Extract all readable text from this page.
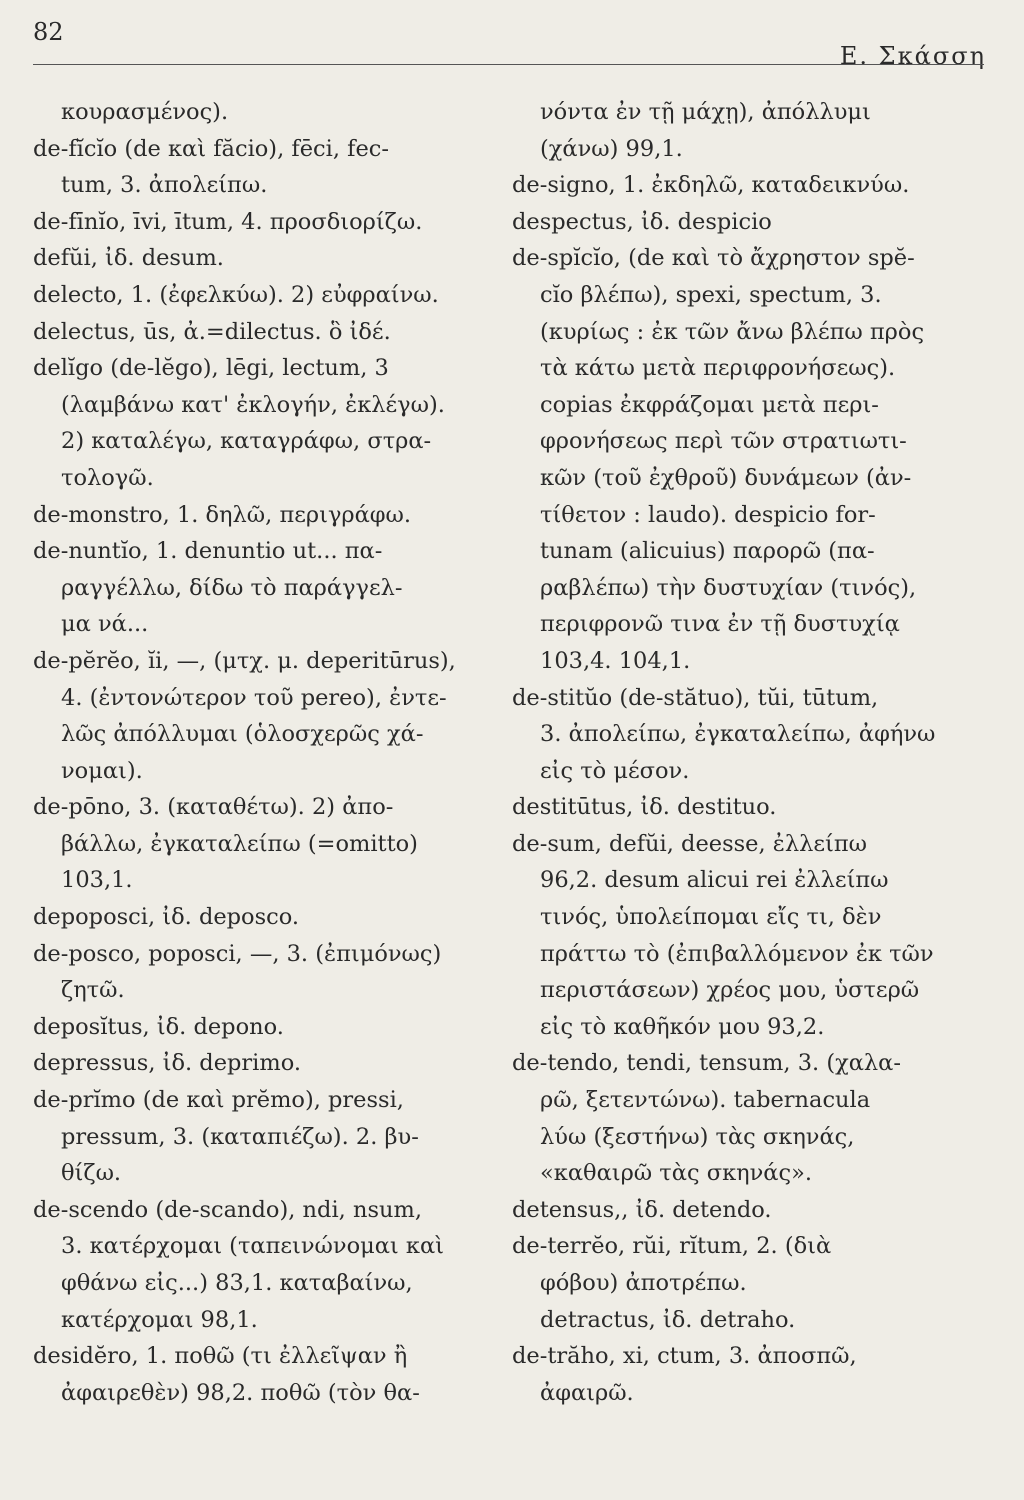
82
Ε. Σκάσση
κουρασμένος).
de-fĭcĭo (de καὶ făcio), fēci, fec-
tum, 3. ἀπολείπω.
de-fīnĭo, īvi, ītum, 4. προσδιορίζω.
defŭi, ἰδ. desum.
delecto, 1. (ἐφελκύω). 2) εὐφραίνω.
delectus, ūs, ἀ.=dilectus. ὃ ἰδέ.
delĭgo (de-lĕgo), lēgi, lectum, 3
(λαμβάνω κατ' ἐκλογήν, ἐκλέγω).
2) καταλέγω, καταγράφω, στρα-
τολογῶ.
de-monstro, 1. δηλῶ, περιγράφω.
de-nuntĭo, 1. denuntio ut... πα-
ραγγέλλω, δίδω τὸ παράγγελ-
μα νά...
de-pĕrĕo, ĭi, —, (μτχ. μ. deperitūrus),
4. (ἐντονώτερον τοῦ pereo), ἐντε-
λῶς ἀπόλλυμαι (ὁλοσχερῶς χά-
νομαι).
de-pōno, 3. (καταθέτω). 2) ἀπο-
βάλλω, ἐγκαταλείπω (=omitto)
103,1.
depoposci, ἰδ. deposco.
de-posco, poposci, —, 3. (ἐπιμόνως)
ζητῶ.
deposĭtus, ἰδ. depono.
depressus, ἰδ. deprimo.
de-prĭmo (de καὶ prĕmo), pressi,
pressum, 3. (καταπιέζω). 2. βυ-
θίζω.
de-scendo (de-scando), ndi, nsum,
3. κατέρχομαι (ταπεινώνομαι καὶ
φθάνω εἰς...) 83,1. καταβαίνω,
κατέρχομαι 98,1.
desidĕro, 1. ποθῶ (τι ἐλλεῖψαν ἢ
ἀφαιρεθὲν) 98,2. ποθῶ (τὸν θα-
νόντα ἐν τῇ μάχῃ), ἀπόλλυμι
(χάνω) 99,1.
de-signo, 1. ἐκδηλῶ, καταδεικνύω.
despectus, ἰδ. despicio
de-spĭcĭo, (de καὶ τὸ ἄχρηστον spĕ-
cĭo βλέπω), spexi, spectum, 3.
(κυρίως : ἐκ τῶν ἄνω βλέπω πρὸς
τὰ κάτω μετὰ περιφρονήσεως).
copias ἐκφράζομαι μετὰ περι-
φρονήσεως περὶ τῶν στρατιωτι-
κῶν (τοῦ ἐχθροῦ) δυνάμεων (ἀν-
τίθετον : laudo). despicio for-
tunam (alicuius) παρορῶ (πα-
ραβλέπω) τὴν δυστυχίαν (τινός),
περιφρονῶ τινα ἐν τῇ δυστυχίᾳ
103,4. 104,1.
de-stitŭo (de-stătuo), tŭi, tūtum,
3. ἀπολείπω, ἐγκαταλείπω, ἀφήνω
εἰς τὸ μέσον.
destitūtus, ἰδ. destituo.
de-sum, defŭi, deesse, ἐλλείπω
96,2. desum alicui rei ἐλλείπω
τινός, ὑπολείπομαι εἴς τι, δὲν
πράττω τὸ (ἐπιβαλλόμενον ἐκ τῶν
περιστάσεων) χρέος μου, ὑστερῶ
εἰς τὸ καθῆκόν μου 93,2.
de-tendo, tendi, tensum, 3. (χαλα-
ρῶ, ξετεντώνω). tabernacula
λύω (ξεστήνω) τὰς σκηνάς,
«καθαιρῶ τὰς σκηνάς».
detensus,, ἰδ. detendo.
de-terrĕo, rŭi, rĭtum, 2. (διὰ
φόβου) ἀποτρέπω.
detractus, ἰδ. detraho.
de-trăho, xi, ctum, 3. ἀποσπῶ,
ἀφαιρῶ.
